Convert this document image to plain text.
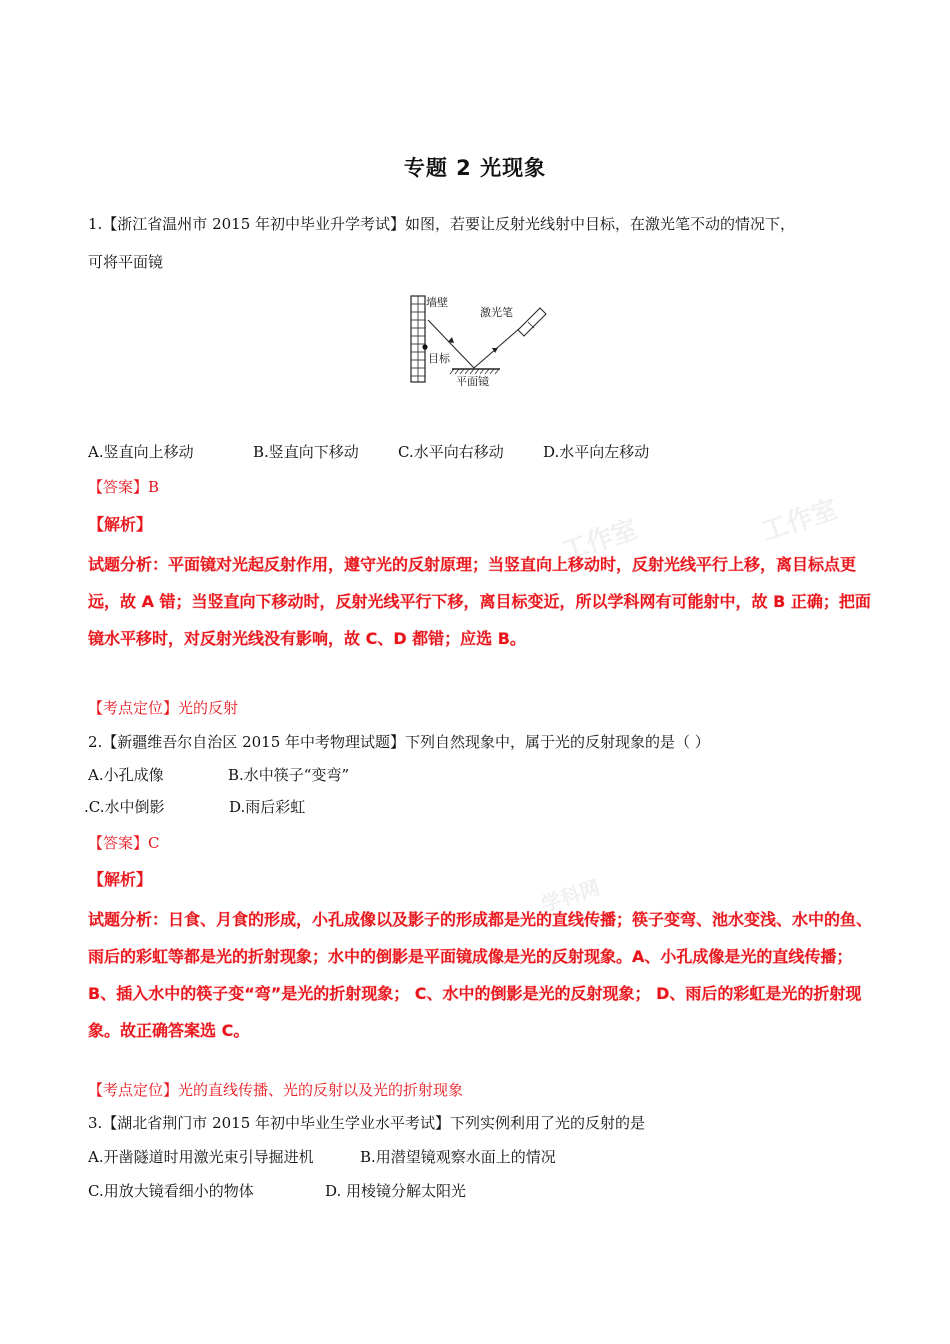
工作室	工作室
学科网
专题 2 光现象
1.【浙江省温州市 2015 年初中毕业升学考试】如图，若要让反射光线射中目标，在激光笔不动的情况下，
可将平面镜
墙壁
激光笔
目标
平面镜
A.竖直向上移动	B.竖直向下移动	C.水平向右移动	D.水平向左移动
【答案】B
【解析】
试题分析：平面镜对光起反射作用，遵守光的反射原理；当竖直向上移动时，反射光线平行上移，离目标点更远，故 A 错；当竖直向下移动时，反射光线平行下移，离目标变近，所以学科网有可能射中，故 B 正确；把面镜水平移时，对反射光线没有影响，故 C、D 都错；应选 B。
【考点定位】光的反射
2.【新疆维吾尔自治区 2015 年中考物理试题】下列自然现象中，属于光的反射现象的是（ ）
A.小孔成像	B.水中筷子“变弯”
.C.水中倒影	D.雨后彩虹
【答案】C
【解析】
试题分析：日食、月食的形成，小孔成像以及影子的形成都是光的直线传播；筷子变弯、池水变浅、水中的鱼、雨后的彩虹等都是光的折射现象；水中的倒影是平面镜成像是光的反射现象。A、小孔成像是光的直线传播；B、插入水中的筷子变“弯”是光的折射现象； C、水中的倒影是光的反射现象； D、雨后的彩虹是光的折射现象。故正确答案选 C。
【考点定位】光的直线传播、光的反射以及光的折射现象
3.【湖北省荆门市 2015 年初中毕业生学业水平考试】下列实例利用了光的反射的是
A.开凿隧道时用激光束引导掘进机	B.用潜望镜观察水面上的情况
C.用放大镜看细小的物体	D. 用棱镜分解太阳光
